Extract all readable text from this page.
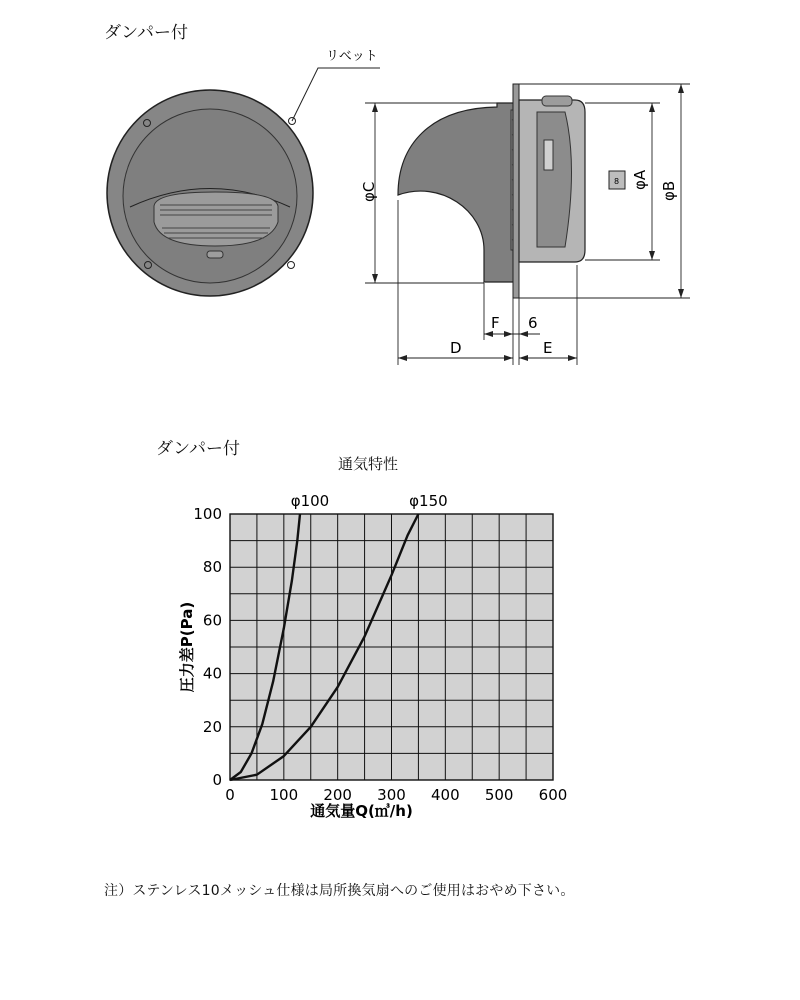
ダンパー付
ダンパー付
通気特性
注）ステンレス10メッシュ仕様は局所換気扇へのご使用はおやめ下さい。
リベット
8
φC
φA
φB
F 6
D	E
0 100 200 300 400 500 600
0
20
40
60
80
100
φ100	φ150
圧力差P(Pa)
通気量Q(㎥/h)
